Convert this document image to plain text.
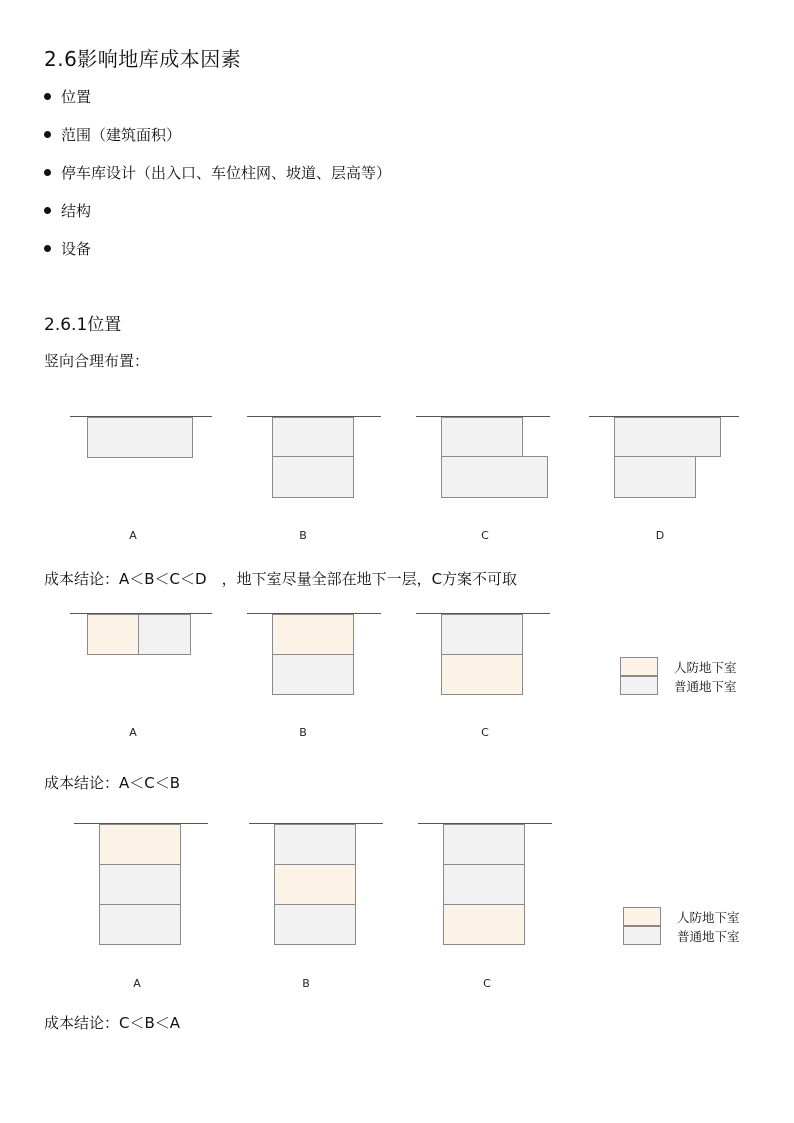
2.6影响地库成本因素
位置
范围（建筑面积）
停车库设计（出入口、车位柱网、坡道、层高等）
结构
设备
2.6.1位置
竖向合理布置：
A	B	C	D
成本结论：A＜B＜C＜D　，地下室尽量全部在地下一层，C方案不可取
人防地下室
普通地下室
A	B	C
成本结论：A＜C＜B
人防地下室
普通地下室
A	B	C
成本结论：C＜B＜A
